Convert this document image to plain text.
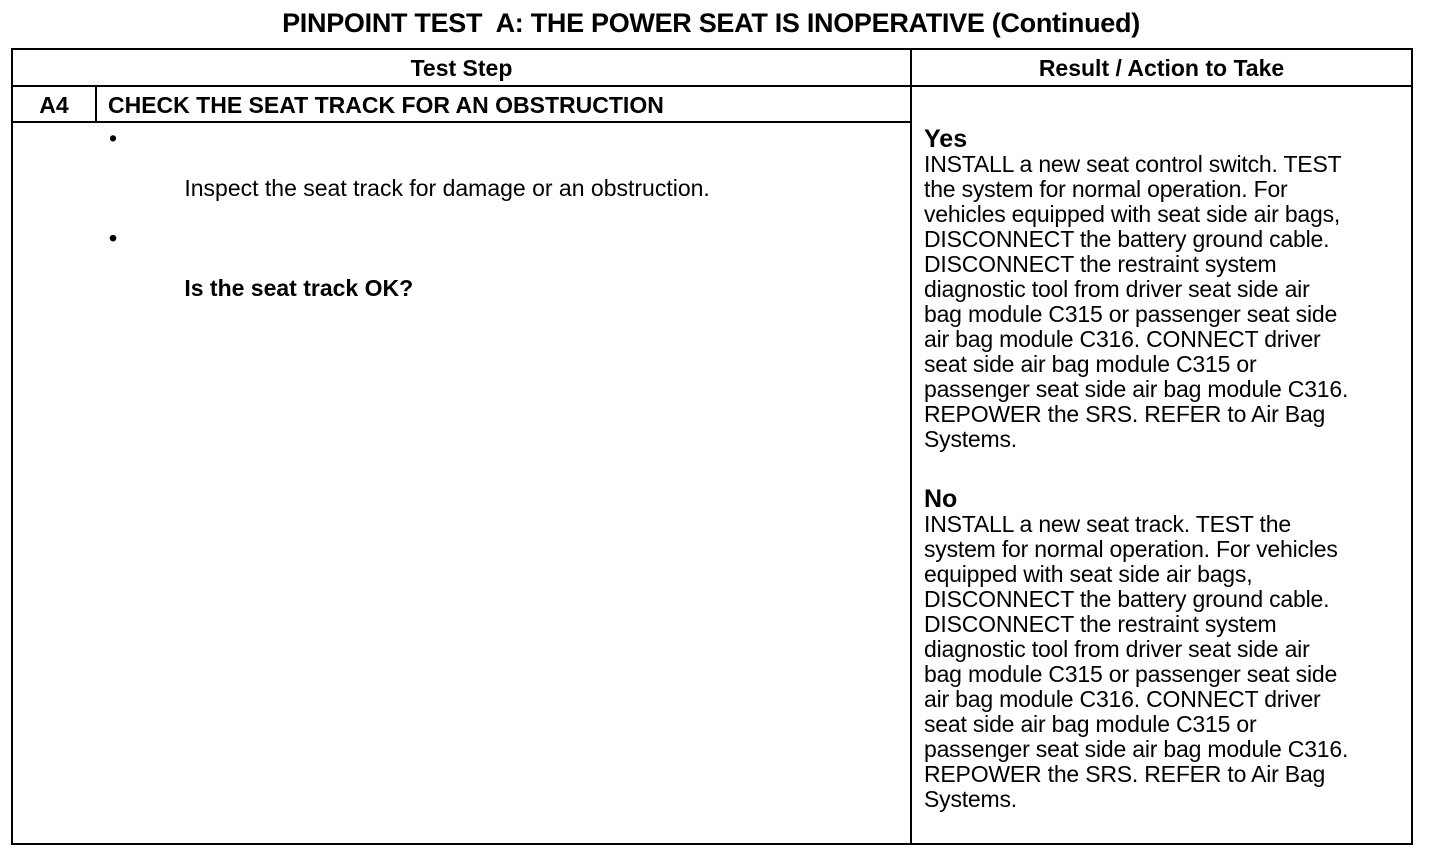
PINPOINT TEST  A: THE POWER SEAT IS INOPERATIVE (Continued)
Test Step	Result / Action to Take
A4	CHECK THE SEAT TRACK FOR AN OBSTRUCTION

•

Inspect the seat track for damage or an obstruction.

•

Is the seat track OK?

Yes
INSTALL a new seat control switch. TEST
the system for normal operation. For
vehicles equipped with seat side air bags,
DISCONNECT the battery ground cable.
DISCONNECT the restraint system
diagnostic tool from driver seat side air
bag module C315 or passenger seat side
air bag module C316. CONNECT driver
seat side air bag module C315 or
passenger seat side air bag module C316.
REPOWER the SRS. REFER to Air Bag
Systems.
No
INSTALL a new seat track. TEST the
system for normal operation. For vehicles
equipped with seat side air bags,
DISCONNECT the battery ground cable.
DISCONNECT the restraint system
diagnostic tool from driver seat side air
bag module C315 or passenger seat side
air bag module C316. CONNECT driver
seat side air bag module C315 or
passenger seat side air bag module C316.
REPOWER the SRS. REFER to Air Bag
Systems.
